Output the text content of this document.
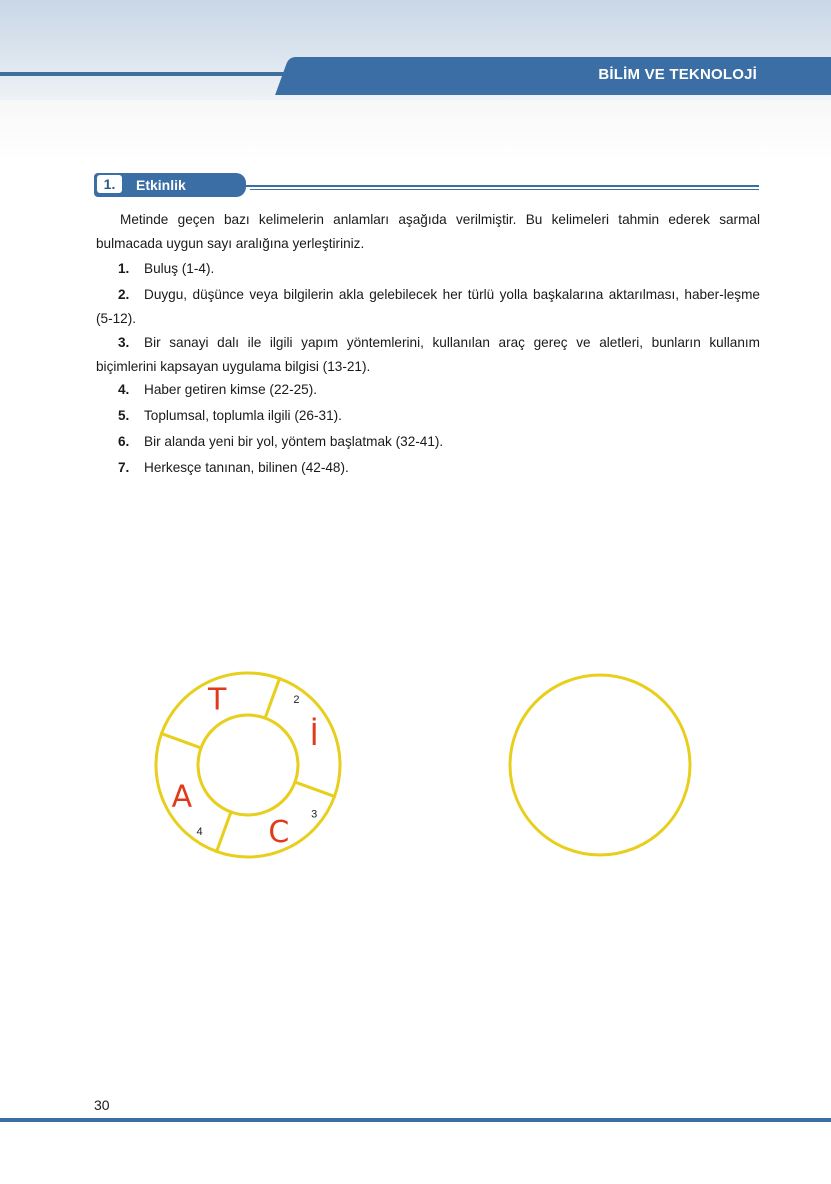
BİLİM VE TEKNOLOJİ
1.	Etkinlik
Metinde geçen bazı kelimelerin anlamları aşağıda verilmiştir. Bu kelimeleri tahmin ederek sarmal bulmacada uygun sayı aralığına yerleştiriniz.
1. Buluş (1-4).
2. Duygu, düşünce veya bilgilerin akla gelebilecek her türlü yolla başkalarına aktarılması, haber-leşme (5-12).
3. Bir sanayi dalı ile ilgili yapım yöntemlerini, kullanılan araç gereç ve aletleri, bunların kullanım biçimlerini kapsayan uygulama bilgisi (13-21).
4. Haber getiren kimse (22-25).
5. Toplumsal, toplumla ilgili (26-31).
6. Bir alanda yeni bir yol, yöntem başlatmak (32-41).
7. Herkesçe tanınan, bilinen (42-48).
İ
2
C
3
A
4
T
30
